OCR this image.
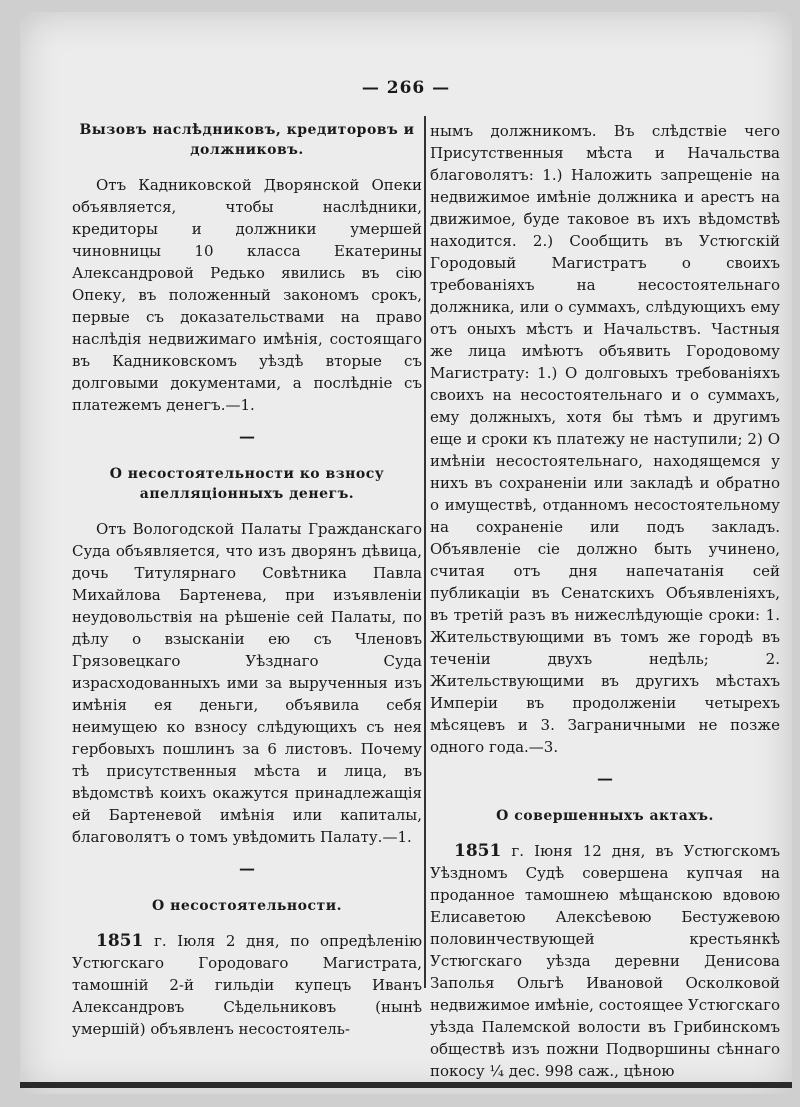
— 266 —

Вызовъ наслѣдниковъ, кредиторовъ и должниковъ.

Отъ Кадниковской Дворянской Опеки объявляется, чтобы наслѣдники, кредиторы и должники умершей чиновницы 10 класса Екатерины Александровой Редько явились въ сію Опеку, въ положенный закономъ срокъ, первые съ доказательствами на право наслѣдія недвижимаго имѣнія, состоящаго въ Кадниковскомъ уѣздѣ вторые съ долговыми документами, а послѣдніе съ платежемъ денегъ.—1.

—

О несостоятельности ко взносу апелляціонныхъ денегъ.

Отъ Вологодской Палаты Гражданскаго Суда объявляется, что изъ дворянъ дѣвица, дочь Титулярнаго Совѣтника Павла Михайлова Бартенева, при изъявленіи неудовольствія на рѣшеніе сей Палаты, по дѣлу о взысканіи ею съ Членовъ Грязовецкаго Уѣзднаго Суда израсходованныхъ ими за вырученныя изъ имѣнія ея деньги, объявила себя неимущею ко взносу слѣдующихъ съ нея гербовыхъ пошлинъ за 6 листовъ. Почему тѣ присутственныя мѣста и лица, въ вѣдомствѣ коихъ окажутся принадлежащія ей Бартеневой имѣнія или капиталы, благоволятъ о томъ увѣдомить Палату.—1.

—

О несостоятельности.

1851 г. Іюля 2 дня, по опредѣленію Устюгскаго Городоваго Магистрата, тамошній 2-й гильдіи купецъ Иванъ Александровъ Сѣдельниковъ (нынѣ умершій) объявленъ несостоятель-

нымъ должникомъ. Въ слѣдствіе чего Присутственныя мѣста и Начальства благоволятъ: 1.) Наложить запрещеніе на недвижимое имѣніе должника и арестъ на движимое, буде таковое въ ихъ вѣдомствѣ находится. 2.) Сообщить въ Устюгскій Городовый Магистратъ о своихъ требованіяхъ на несостоятельнаго должника, или о суммахъ, слѣдующихъ ему отъ оныхъ мѣстъ и Начальствъ. Частныя же лица имѣютъ объявить Городовому Магистрату: 1.) О долговыхъ требованіяхъ своихъ на несостоятельнаго и о суммахъ, ему должныхъ, хотя бы тѣмъ и другимъ еще и сроки къ платежу не наступили; 2) О имѣніи несостоятельнаго, находящемся у нихъ въ сохраненіи или закладѣ и обратно о имуществѣ, отданномъ несостоятельному на сохраненіе или подъ закладъ. Объявленіе сіе должно быть учинено, считая отъ дня напечатанія сей публикаціи въ Сенатскихъ Объявленіяхъ, въ третій разъ въ нижеслѣдующіе сроки: 1. Жительствующими въ томъ же городѣ въ теченіи двухъ недѣль; 2. Жительствующими въ другихъ мѣстахъ Имперіи въ продолженіи четырехъ мѣсяцевъ и 3. Заграничными не позже одного года.—3.

—

О совершенныхъ актахъ.

1851 г. Іюня 12 дня, въ Устюгскомъ Уѣздномъ Судѣ совершена купчая на проданное тамошнею мѣщанскою вдовою Елисаветою Алексѣевою Бестужевою половинчествующей крестьянкѣ Устюгскаго уѣзда деревни Денисова Заполья Ольгѣ Ивановой Осколковой недвижимое имѣніе, состоящее Устюгскаго уѣзда Палемской волости въ Грибинскомъ обществѣ изъ пожни Подворшины сѣннаго покосу ¼ дес. 998 саж., цѣною
